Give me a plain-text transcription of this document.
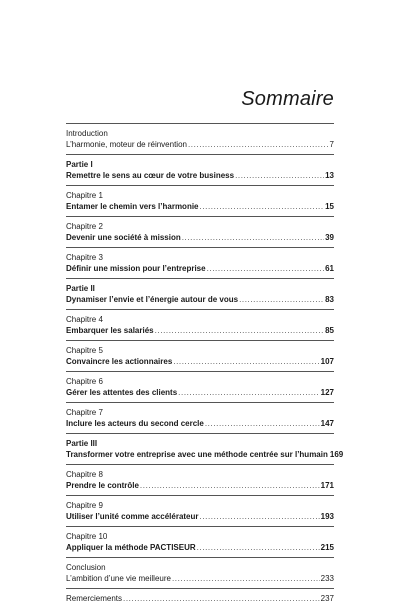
Sommaire
Introduction
L’harmonie, moteur de réinvention .....	7
Partie I
Remettre le sens au cœur de votre business .....	13
Chapitre 1
Entamer le chemin vers l’harmonie .....	15
Chapitre 2
Devenir une société à mission .....	39
Chapitre 3
Définir une mission pour l’entreprise .....	61
Partie II
Dynamiser l’envie et l’énergie autour de vous .....	83
Chapitre 4
Embarquer les salariés .....	85
Chapitre 5
Convaincre les actionnaires .....	107
Chapitre 6
Gérer les attentes des clients .....	127
Chapitre 7
Inclure les acteurs du second cercle .....	147
Partie III
Transformer votre entreprise avec une méthode centrée sur l’humain 169
Chapitre 8
Prendre le contrôle .....	171
Chapitre 9
Utiliser l’unité comme accélérateur .....	193
Chapitre 10
Appliquer la méthode PACTISEUR .....	215
Conclusion
L’ambition d’une vie meilleure .....	233
Remerciements .....	237
